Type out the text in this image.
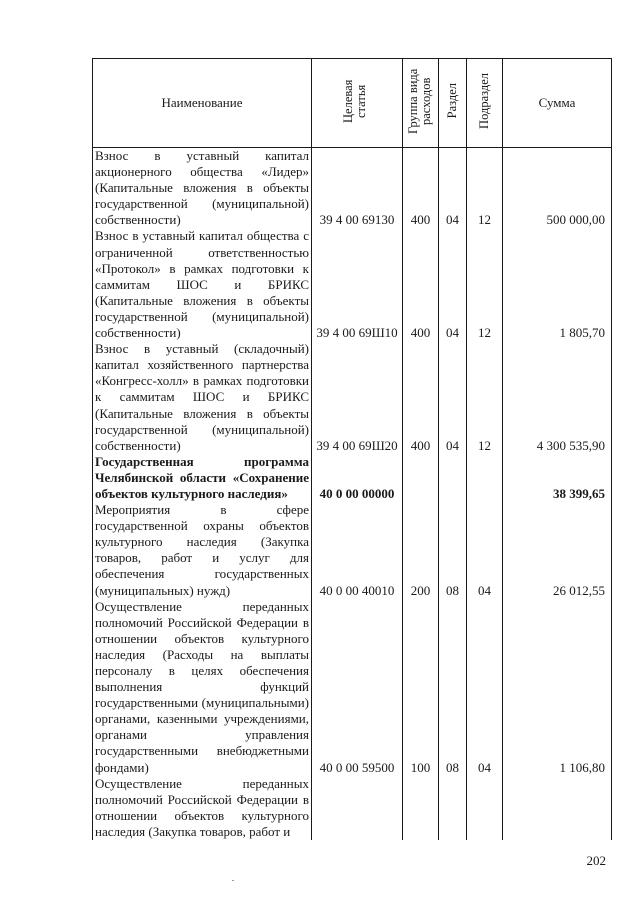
Наименование	Целевая статья	Группа вида расходов	Раздел	Подраздел	Сумма
Взнос в уставный капитал акционерного общества «Лидер» (Капитальные вложения в объекты государственной (муниципальной) собственности)	39 4 00 69130	400	04	12	500 000,00
Взнос в уставный капитал общества с ограниченной ответственностью «Протокол» в рамках подготовки к саммитам ШОС и БРИКС (Капитальные вложения в объекты государственной (муниципальной) собственности)	39 4 00 69Ш10	400	04	12	1 805,70
Взнос в уставный (складочный) капитал хозяйственного партнерства «Конгресс-холл» в рамках подготовки к саммитам ШОС и БРИКС (Капитальные вложения в объекты государственной (муниципальной) собственности)	39 4 00 69Ш20	400	04	12	4 300 535,90
Государственная программа Челябинской области «Сохранение объектов культурного наследия»	40 0 00 00000				38 399,65
Мероприятия в сфере государственной охраны объектов культурного наследия (Закупка товаров, работ и услуг для обеспечения государственных (муниципальных) нужд)	40 0 00 40010	200	08	04	26 012,55
Осуществление переданных полномочий Российской Федерации в отношении объектов культурного наследия (Расходы на выплаты персоналу в целях обеспечения выполнения функций государственными (муниципальными) органами, казенными учреждениями, органами управления государственными внебюджетными фондами)	40 0 00 59500	100	08	04	1 106,80
Осуществление переданных полномочий Российской Федерации в отношении объектов культурного наследия (Закупка товаров, работ и					
202
